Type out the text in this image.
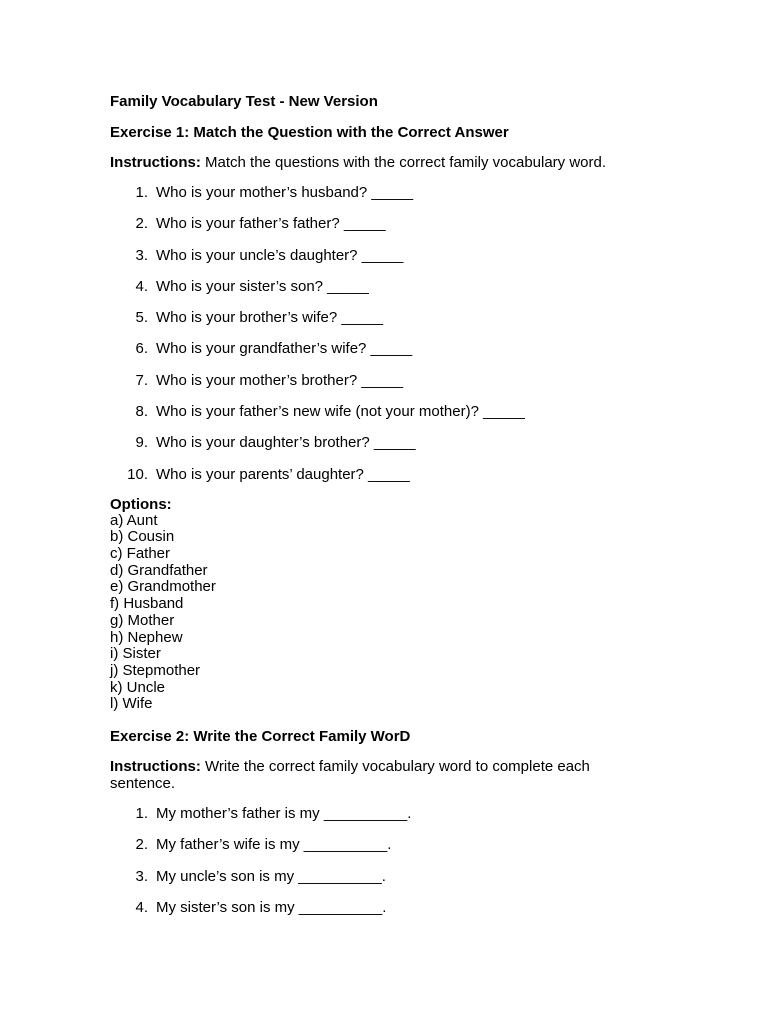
Family Vocabulary Test - New Version

Exercise 1: Match the Question with the Correct Answer

Instructions: Match the questions with the correct family vocabulary word.

1. Who is your mother’s husband? _____
2. Who is your father’s father? _____
3. Who is your uncle’s daughter? _____
4. Who is your sister’s son? _____
5. Who is your brother’s wife? _____
6. Who is your grandfather’s wife? _____
7. Who is your mother’s brother? _____
8. Who is your father’s new wife (not your mother)? _____
9. Who is your daughter’s brother? _____
10. Who is your parents’ daughter? _____

Options:

a) Aunt
b) Cousin
c) Father
d) Grandfather
e) Grandmother
f) Husband
g) Mother
h) Nephew
i) Sister
j) Stepmother
k) Uncle
l) Wife

Exercise 2: Write the Correct Family WorD

Instructions: Write the correct family vocabulary word to complete each sentence.

1. My mother’s father is my __________.
2. My father’s wife is my __________.
3. My uncle’s son is my __________.
4. My sister’s son is my __________.
